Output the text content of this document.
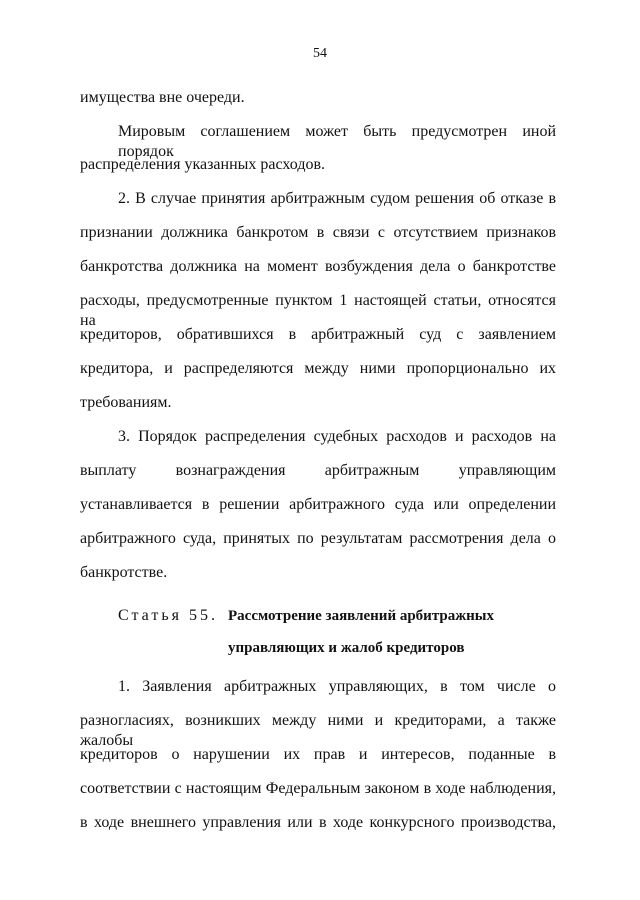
54
имущества вне очереди.
Мировым соглашением может быть предусмотрен иной порядок
распределения указанных расходов.
2. В случае принятия арбитражным судом решения об отказе в
признании должника банкротом в связи с отсутствием признаков
банкротства должника на момент возбуждения дела о банкротстве
расходы, предусмотренные пунктом 1 настоящей статьи, относятся на
кредиторов, обратившихся в арбитражный суд с заявлением
кредитора, и распределяются между ними пропорционально их
требованиям.
3. Порядок распределения судебных расходов и расходов на
выплату вознаграждения арбитражным управляющим
устанавливается в решении арбитражного суда или определении
арбитражного суда, принятых по результатам рассмотрения дела о
банкротстве.
Статья 55. Рассмотрение заявлений арбитражных
управляющих и жалоб кредиторов
1. Заявления арбитражных управляющих, в том числе о
разногласиях, возникших между ними и кредиторами, а также жалобы
кредиторов о нарушении их прав и интересов, поданные в
соответствии с настоящим Федеральным законом в ходе наблюдения,
в ходе внешнего управления или в ходе конкурсного производства,
